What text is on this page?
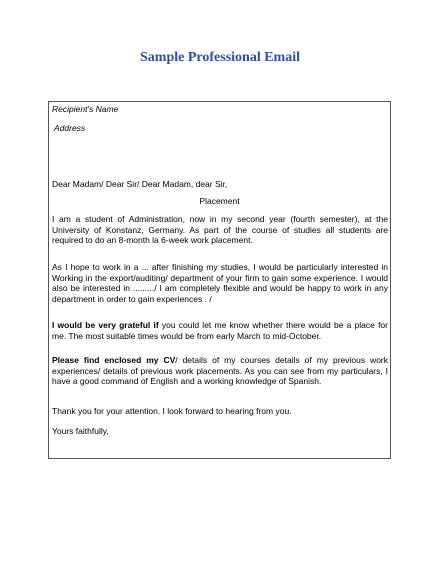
Sample Professional Email
Recipient's Name
Address
Dear Madam/ Dear Sir/ Dear Madam, dear Sir,
Placement
I am a student of Administration, now in my second year (fourth semester), at the University of Konstanz, Germany. As part of the course of studies all students are required to do an 8-month la 6-week work placement.
As I hope to work in a ... after finishing my studies, I would be particularly interested in Working in the export/auditing/ department of your firm to gain some experience. I would also be interested in ........./ I am completely flexible and would be happy to work in any department in order to gain experiences . /
I would be very grateful if you could let me know whether there would be a place for me. The most suitable times would be from early March to mid-October.
Please find enclosed my CV/ details of my courses details of my previous work experiences/ details of previous work placements. As you can see from my particulars, I have a good command of English and a working knowledge of Spanish.
Thank you for your attention. I look forward to hearing from you.
Yours faithfully,
